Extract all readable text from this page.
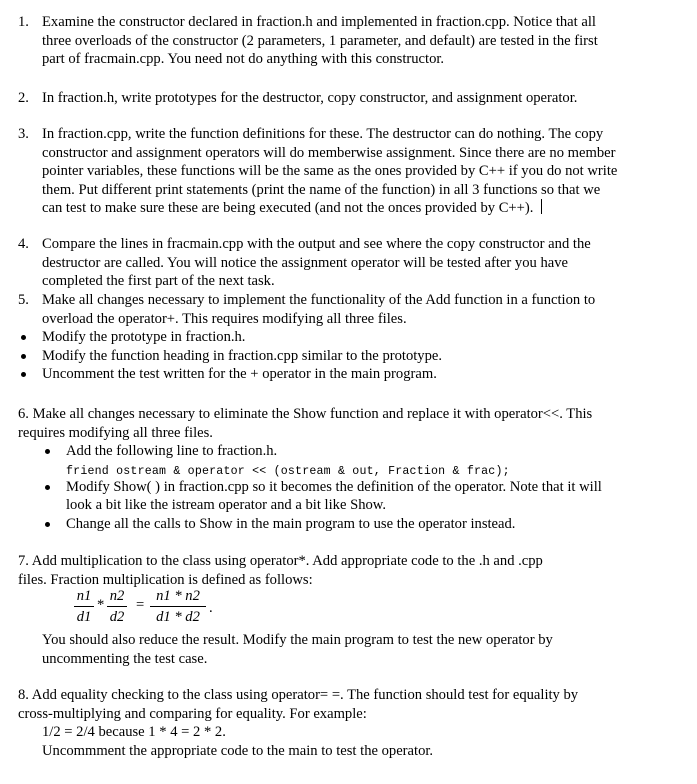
1. Examine the constructor declared in fraction.h and implemented in fraction.cpp. Notice that all
three overloads of the constructor (2 parameters, 1 parameter, and default) are tested in the first
part of fracmain.cpp. You need not do anything with this constructor.
2. In fraction.h, write prototypes for the destructor, copy constructor, and assignment operator.
3. In fraction.cpp, write the function definitions for these. The destructor can do nothing. The copy
constructor and assignment operators will do memberwise assignment. Since there are no member
pointer variables, these functions will be the same as the ones provided by C++ if you do not write
them. Put different print statements (print the name of the function) in all 3 functions so that we
can test to make sure these are being executed (and not the onces provided by C++).
4. Compare the lines in fracmain.cpp with the output and see where the copy constructor and the
destructor are called. You will notice the assignment operator will be tested after you have
completed the first part of the next task.
5. Make all changes necessary to implement the functionality of the Add function in a function to
overload the operator+. This requires modifying all three files.
Modify the prototype in fraction.h.
Modify the function heading in fraction.cpp similar to the prototype.
Uncomment the test written for the + operator in the main program.
6. Make all changes necessary to eliminate the Show function and replace it with operator<<. This
requires modifying all three files.
Add the following line to fraction.h.
friend ostream & operator << (ostream & out, Fraction & frac);
Modify Show( ) in fraction.cpp so it becomes the definition of the operator. Note that it will
look a bit like the istream operator and a bit like Show.
Change all the calls to Show in the main program to use the operator instead.
7. Add multiplication to the class using operator*. Add appropriate code to the .h and .cpp
files. Fraction multiplication is defined as follows:
n1
d1
*
n2
d2
=
n1 * n2
d1 * d2
.
You should also reduce the result. Modify the main program to test the new operator by
uncommenting the test case.
8. Add equality checking to the class using operator= =. The function should test for equality by
cross-multiplying and comparing for equality. For example:
1/2 = 2/4 because 1 * 4 = 2 * 2.
Uncommment the appropriate code to the main to test the operator.
